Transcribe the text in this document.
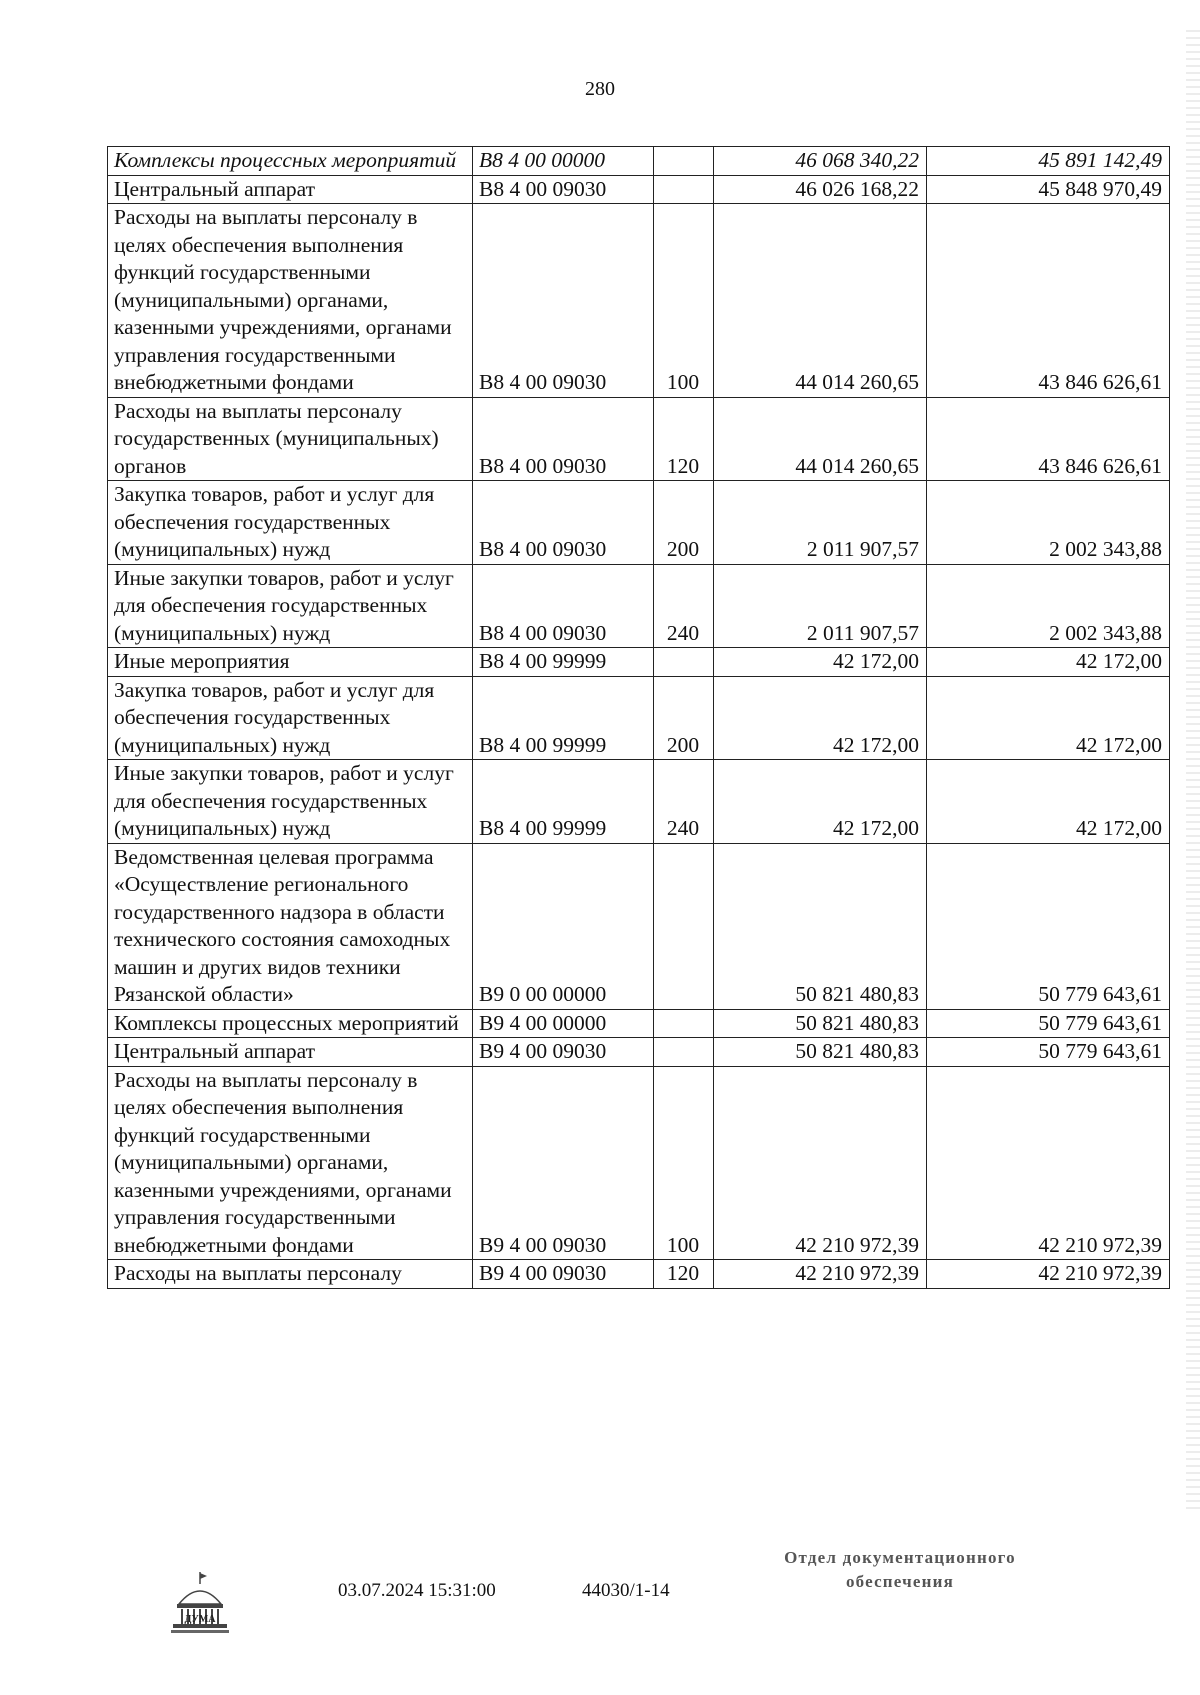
280
Комплексы процессных мероприятий	В8 4 00 00000		46 068 340,22	45 891 142,49
Центральный аппарат	В8 4 00 09030		46 026 168,22	45 848 970,49
Расходы на выплаты персоналу в целях обеспечения выполнения функций государственными (муниципальными) органами, казенными учреждениями, органами управления государственными внебюджетными фондами	В8 4 00 09030	100	44 014 260,65	43 846 626,61
Расходы на выплаты персоналу государственных (муниципальных) органов	В8 4 00 09030	120	44 014 260,65	43 846 626,61
Закупка товаров, работ и услуг для обеспечения государственных (муниципальных) нужд	В8 4 00 09030	200	2 011 907,57	2 002 343,88
Иные закупки товаров, работ и услуг для обеспечения государственных (муниципальных) нужд	В8 4 00 09030	240	2 011 907,57	2 002 343,88
Иные мероприятия	В8 4 00 99999		42 172,00	42 172,00
Закупка товаров, работ и услуг для обеспечения государственных (муниципальных) нужд	В8 4 00 99999	200	42 172,00	42 172,00
Иные закупки товаров, работ и услуг для обеспечения государственных (муниципальных) нужд	В8 4 00 99999	240	42 172,00	42 172,00
Ведомственная целевая программа «Осуществление регионального государственного надзора в области технического состояния самоходных машин и других видов техники Рязанской области»	В9 0 00 00000		50 821 480,83	50 779 643,61
Комплексы процессных мероприятий	В9 4 00 00000		50 821 480,83	50 779 643,61
Центральный аппарат	В9 4 00 09030		50 821 480,83	50 779 643,61
Расходы на выплаты персоналу в целях обеспечения выполнения функций государственными (муниципальными) органами, казенными учреждениями, органами управления государственными внебюджетными фондами	В9 4 00 09030	100	42 210 972,39	42 210 972,39
Расходы на выплаты персоналу	В9 4 00 09030	120	42 210 972,39	42 210 972,39
ДУМА
03.07.2024 15:31:00	44030/1-14
Отдел документационного
обеспечения
